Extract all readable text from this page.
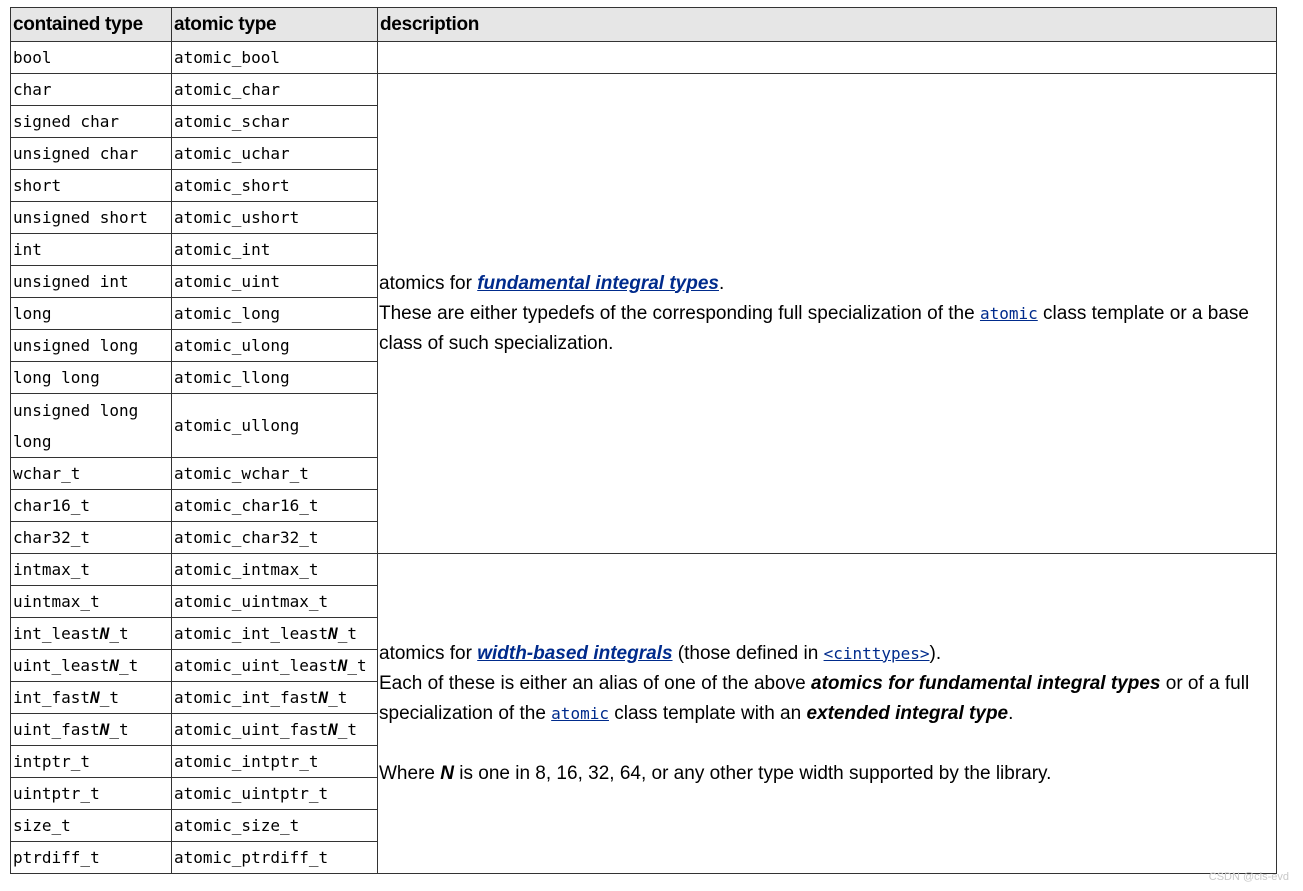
contained type	atomic type	description
bool	atomic_bool	
char	atomic_char	atomics for fundamental integral types.
These are either typedefs of the corresponding full specialization of the atomic class template or a base class of such specialization.
signed char	atomic_schar	
unsigned char	atomic_uchar	
short	atomic_short	
unsigned short	atomic_ushort	
int	atomic_int	
unsigned int	atomic_uint	
long	atomic_long	
unsigned long	atomic_ulong	
long long	atomic_llong	
unsigned long long	atomic_ullong	
wchar_t	atomic_wchar_t	
char16_t	atomic_char16_t	
char32_t	atomic_char32_t	
intmax_t	atomic_intmax_t	atomics for width-based integrals (those defined in <cinttypes>).
Each of these is either an alias of one of the above atomics for fundamental integral types or of a full specialization of the atomic class template with an extended integral type.

Where N is one in 8, 16, 32, 64, or any other type width supported by the library.
uintmax_t	atomic_uintmax_t	
int_leastN_t	atomic_int_leastN_t	
uint_leastN_t	atomic_uint_leastN_t	
int_fastN_t	atomic_int_fastN_t	
uint_fastN_t	atomic_uint_fastN_t	
intptr_t	atomic_intptr_t	
uintptr_t	atomic_uintptr_t	
size_t	atomic_size_t	
ptrdiff_t	atomic_ptrdiff_t	
CSDN @cls-evd
